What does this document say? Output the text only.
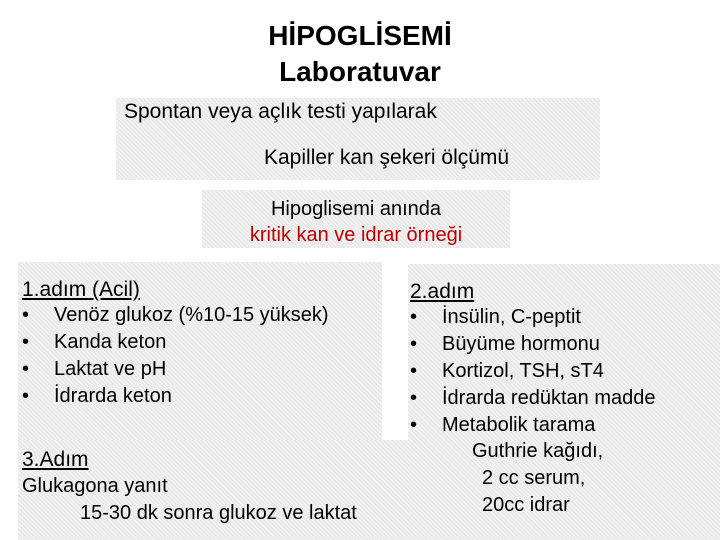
HİPOGLİSEMİ
Laboratuvar
Spontan veya açlık testi yapılarak
Kapiller kan şekeri ölçümü
Hipoglisemi anında
kritik kan ve idrar örneği
1.adım (Acil)
• Venöz glukoz (%10-15 yüksek)
• Kanda keton
• Laktat ve pH
• İdrarda keton
2.adım
• İnsülin, C-peptit
• Büyüme hormonu
• Kortizol, TSH, sT4
• İdrarda redüktan madde
• Metabolik tarama
Guthrie kağıdı,
2 cc serum,
20cc idrar
3.Adım
Glukagona yanıt
15-30 dk sonra glukoz ve laktat
